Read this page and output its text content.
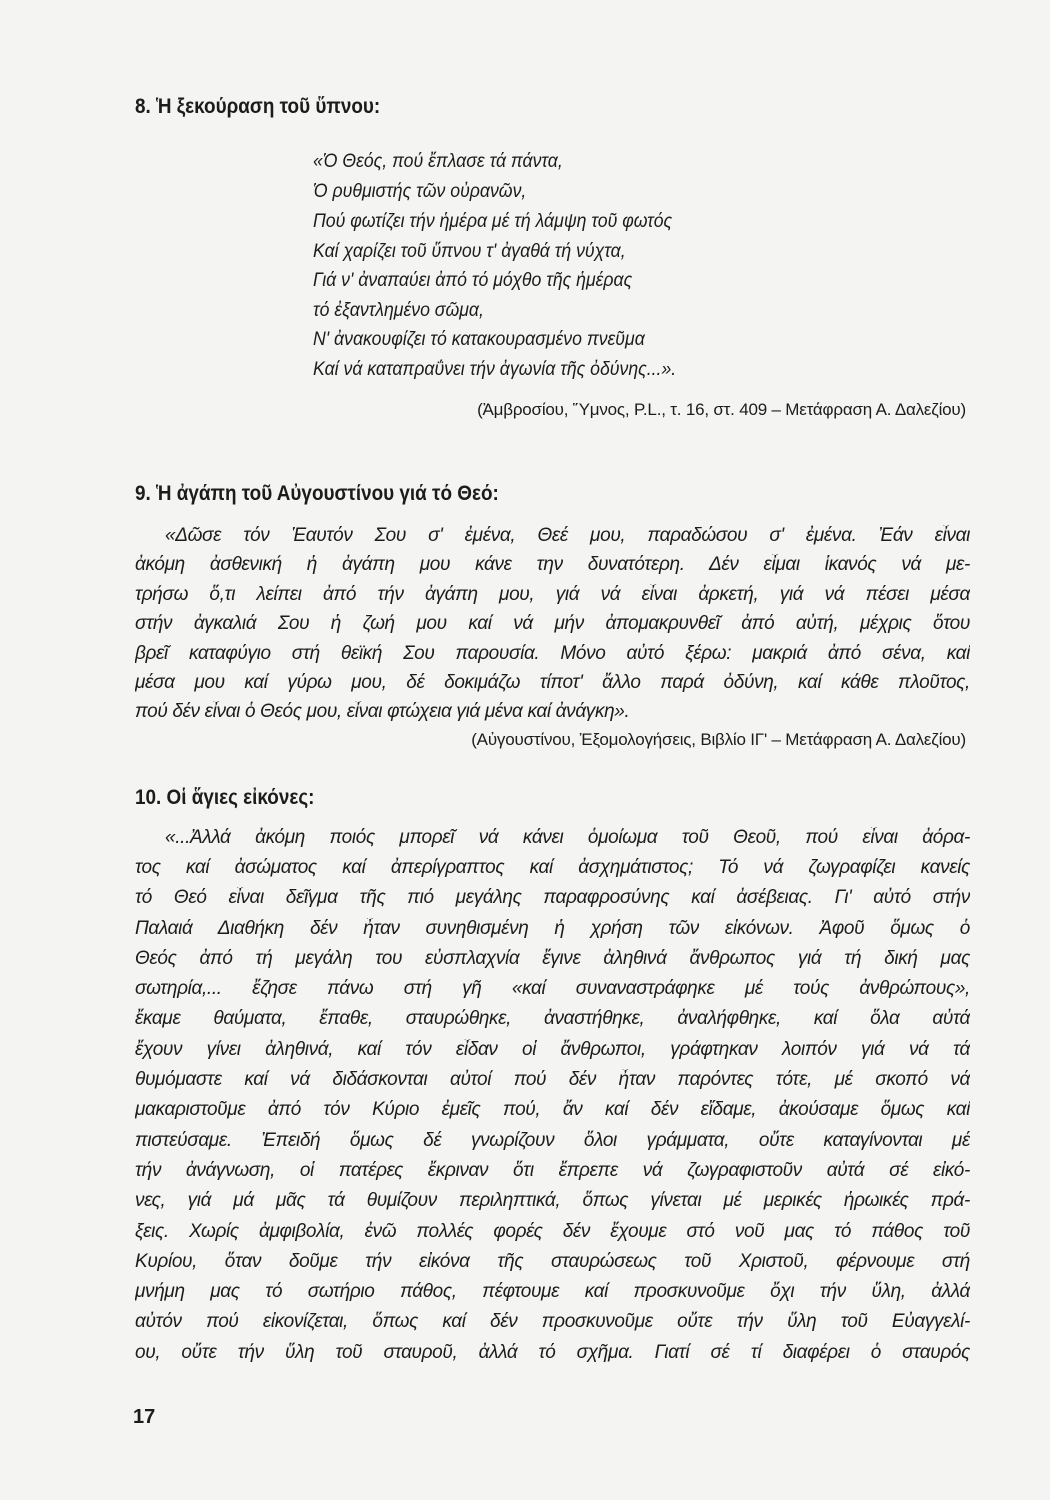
8. Ἡ ξεκούραση τοῦ ὕπνου:
«Ὁ Θεός, πού ἔπλασε τά πάντα,
Ὁ ρυθμιστής τῶν οὐρανῶν,
Πού φωτίζει τήν ἡμέρα μέ τή λάμψη τοῦ φωτός
Καί χαρίζει τοῦ ὕπνου τ' ἀγαθά τή νύχτα,
Γιά ν' ἀναπαύει ἀπό τό μόχθο τῆς ἡμέρας
τό ἐξαντλημένο σῶμα,
Ν' ἀνακουφίζει τό κατακουρασμένο πνεῦμα
Καί νά καταπραΰνει τήν ἀγωνία τῆς ὀδύνης...».
(Ἀμβροσίου, Ὕμνος, P.L., τ. 16, στ. 409 – Μετάφραση Α. Δαλεζίου)
9. Ἡ ἀγάπη τοῦ Αὐγουστίνου γιά τό Θεό:
«Δῶσε τόν Ἑαυτόν Σου σ' ἐμένα, Θεέ μου, παραδώσου σ' ἐμένα. Ἐάν εἶναι
ἀκόμη ἀσθενική ἡ ἀγάπη μου κάνε την δυνατότερη. Δέν εἶμαι ἱκανός νά με-
τρήσω ὅ,τι λείπει ἀπό τήν ἀγάπη μου, γιά νά εἶναι ἀρκετή, γιά νά πέσει μέσα
στήν ἀγκαλιά Σου ἡ ζωή μου καί νά μήν ἀπομακρυνθεῖ ἀπό αὐτή, μέχρις ὅτου
βρεῖ καταφύγιο στή θεϊκή Σου παρουσία. Μόνο αὐτό ξέρω: μακριά ἀπό σένα, καί
μέσα μου καί γύρω μου, δέ δοκιμάζω τίποτ' ἄλλο παρά ὀδύνη, καί κάθε πλοῦτος,
πού δέν εἶναι ὁ Θεός μου, εἶναι φτώχεια γιά μένα καί ἀνάγκη».
(Αὐγουστίνου, Ἐξομολογήσεις, Βιβλίο ΙΓ' – Μετάφραση Α. Δαλεζίου)
10. Οἱ ἅγιες εἰκόνες:
«...Ἀλλά ἀκόμη ποιός μπορεῖ νά κάνει ὁμοίωμα τοῦ Θεοῦ, πού εἶναι ἀόρα-
τος καί ἀσώματος καί ἀπερίγραπτος καί ἀσχημάτιστος; Τό νά ζωγραφίζει κανείς
τό Θεό εἶναι δεῖγμα τῆς πιό μεγάλης παραφροσύνης καί ἀσέβειας. Γι' αὐτό στήν
Παλαιά Διαθήκη δέν ἦταν συνηθισμένη ἡ χρήση τῶν εἰκόνων. Ἀφοῦ ὅμως ὁ
Θεός ἀπό τή μεγάλη του εὐσπλαχνία ἔγινε ἀληθινά ἄνθρωπος γιά τή δική μας
σωτηρία,... ἔζησε πάνω στή γῆ «καί συναναστράφηκε μέ τούς ἀνθρώπους»,
ἔκαμε θαύματα, ἔπαθε, σταυρώθηκε, ἀναστήθηκε, ἀναλήφθηκε, καί ὅλα αὐτά
ἔχουν γίνει ἀληθινά, καί τόν εἶδαν οἱ ἄνθρωποι, γράφτηκαν λοιπόν γιά νά τά
θυμόμαστε καί νά διδάσκονται αὐτοί πού δέν ἦταν παρόντες τότε, μέ σκοπό νά
μακαριστοῦμε ἀπό τόν Κύριο ἐμεῖς πού, ἄν καί δέν εἴδαμε, ἀκούσαμε ὅμως καί
πιστεύσαμε. Ἐπειδή ὅμως δέ γνωρίζουν ὅλοι γράμματα, οὔτε καταγίνονται μέ
τήν ἀνάγνωση, οἱ πατέρες ἔκριναν ὅτι ἔπρεπε νά ζωγραφιστοῦν αὐτά σέ εἰκό-
νες, γιά μά μᾶς τά θυμίζουν περιληπτικά, ὅπως γίνεται μέ μερικές ἡρωικές πρά-
ξεις. Χωρίς ἀμφιβολία, ἐνῶ πολλές φορές δέν ἔχουμε στό νοῦ μας τό πάθος τοῦ
Κυρίου, ὅταν δοῦμε τήν εἰκόνα τῆς σταυρώσεως τοῦ Χριστοῦ, φέρνουμε στή
μνήμη μας τό σωτήριο πάθος, πέφτουμε καί προσκυνοῦμε ὄχι τήν ὕλη, ἀλλά
αὐτόν πού εἰκονίζεται, ὅπως καί δέν προσκυνοῦμε οὔτε τήν ὕλη τοῦ Εὐαγγελί-
ου, οὔτε τήν ὕλη τοῦ σταυροῦ, ἀλλά τό σχῆμα. Γιατί σέ τί διαφέρει ὁ σταυρός
17
